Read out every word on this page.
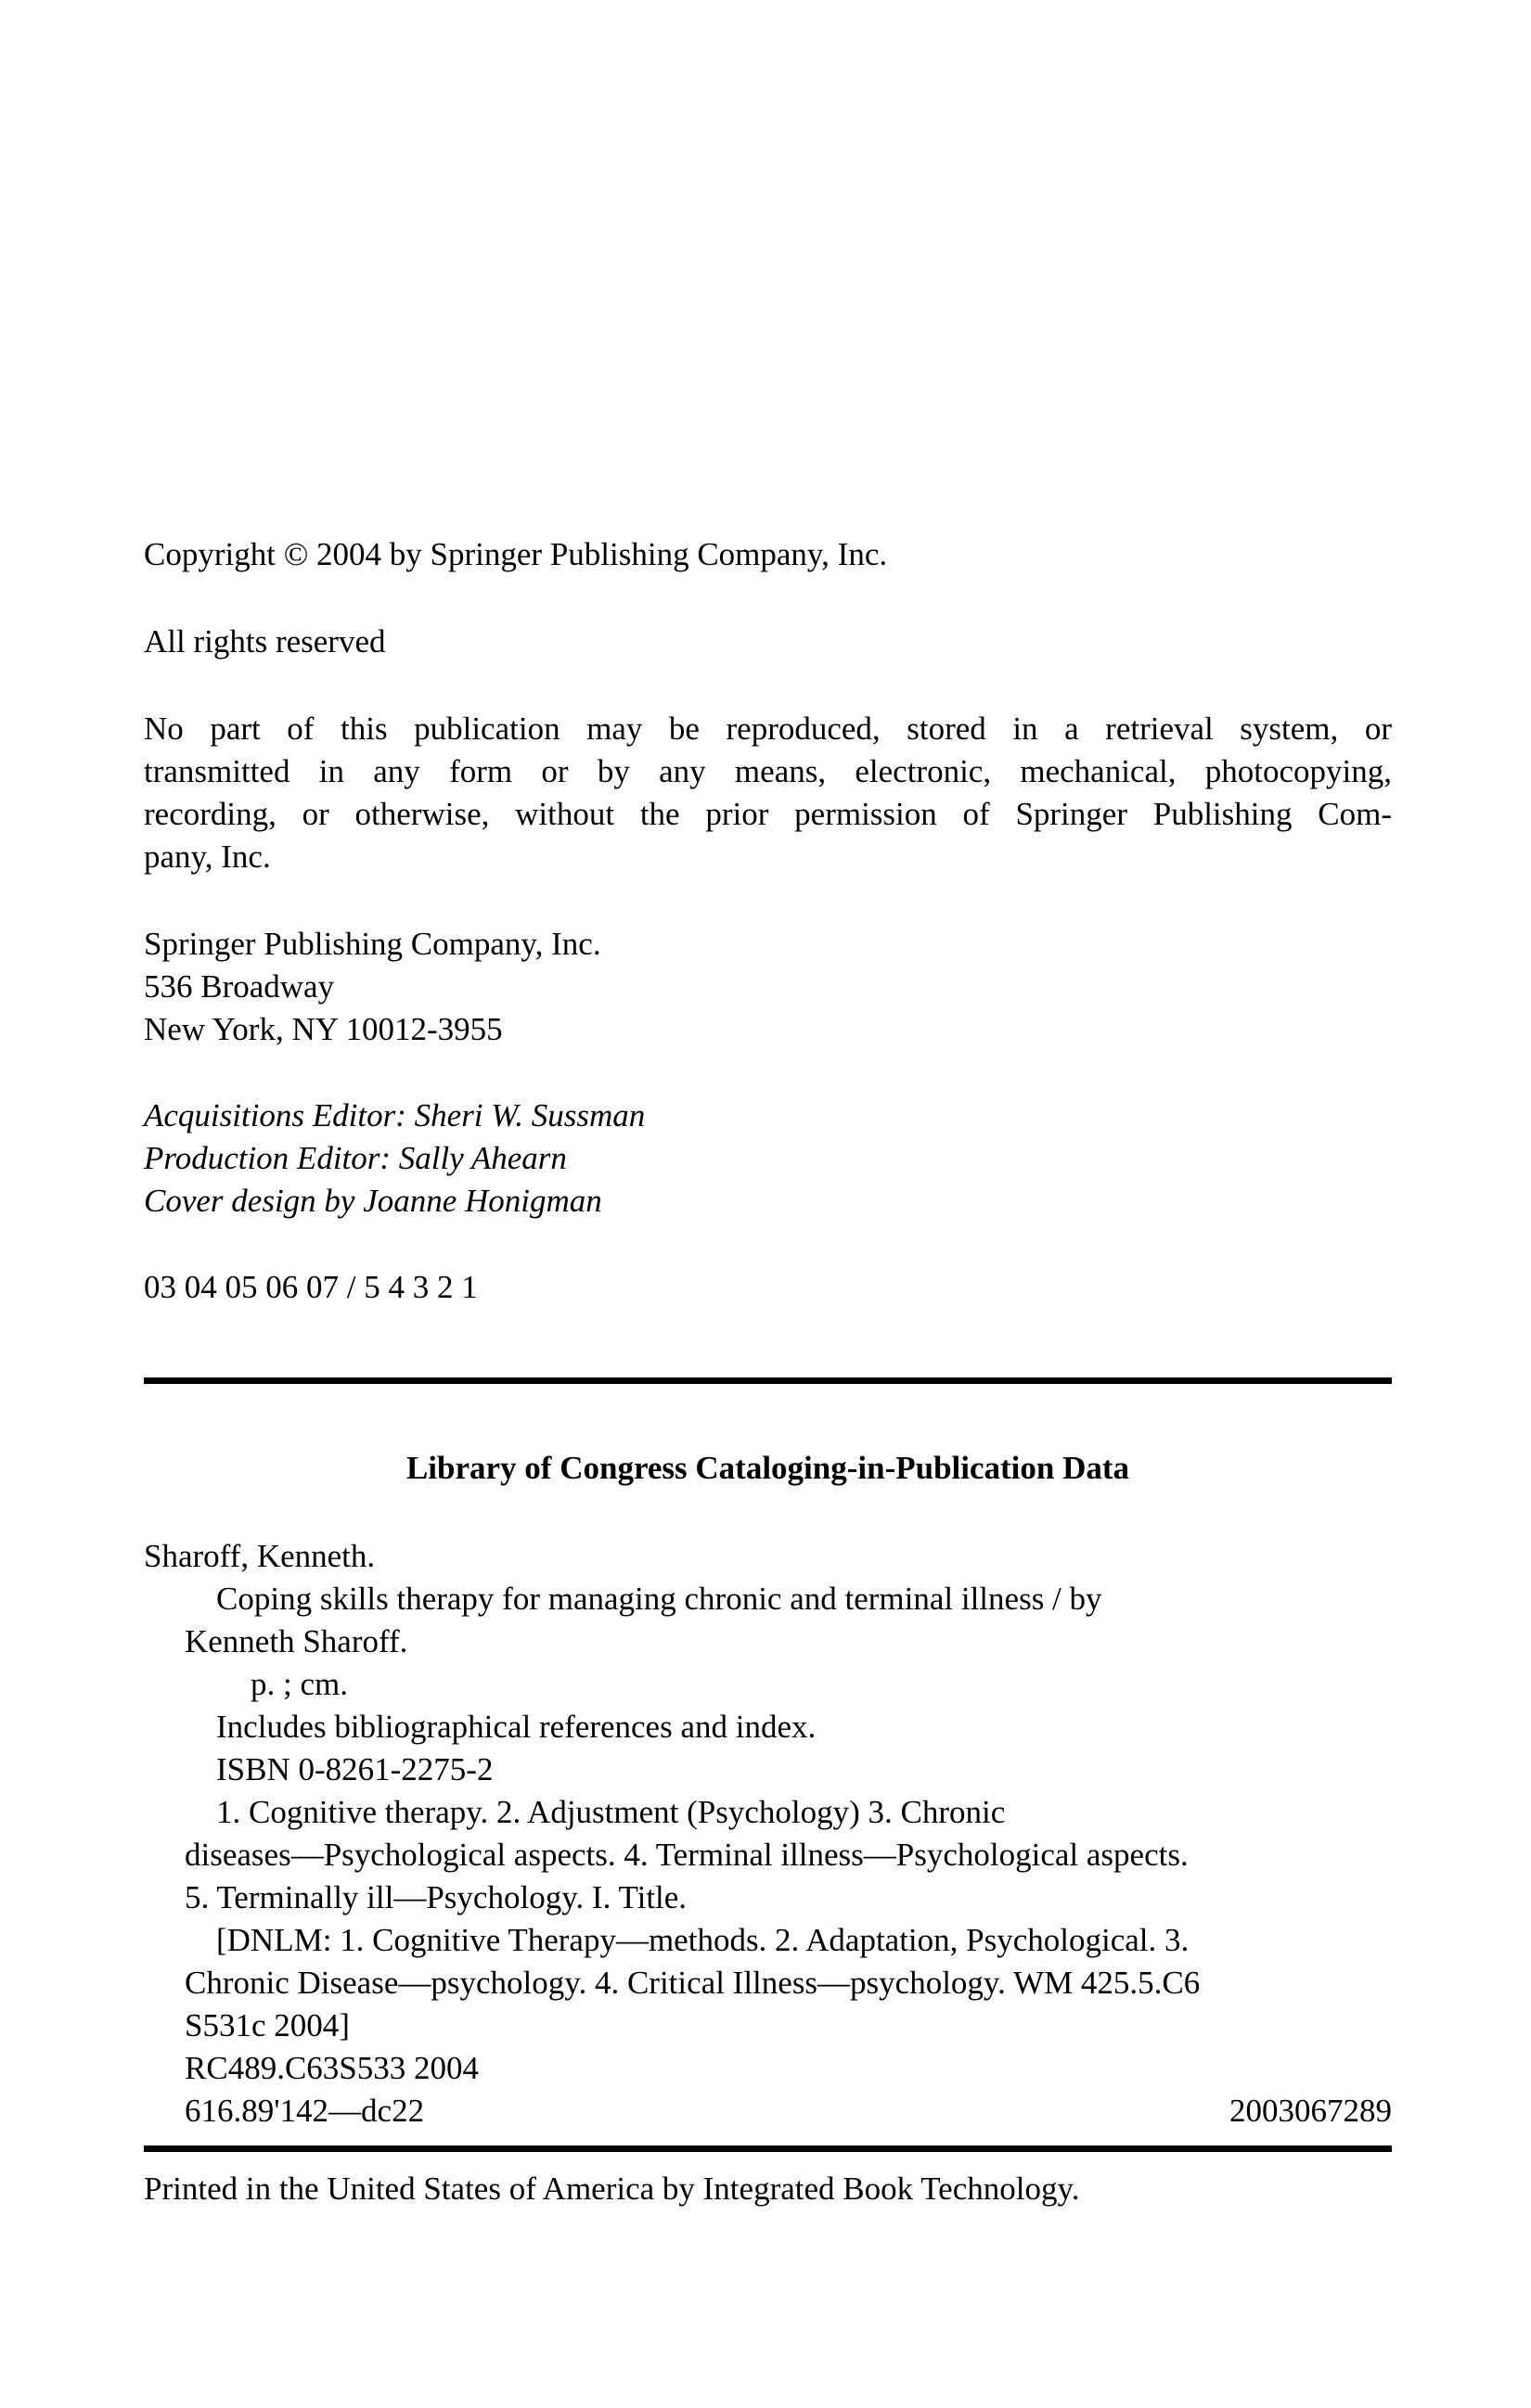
Copyright © 2004 by Springer Publishing Company, Inc.
All rights reserved
No part of this publication may be reproduced, stored in a retrieval system, or
transmitted in any form or by any means, electronic, mechanical, photocopying,
recording, or otherwise, without the prior permission of Springer Publishing Com-
pany, Inc.
Springer Publishing Company, Inc.
536 Broadway
New York, NY 10012-3955
Acquisitions Editor: Sheri W. Sussman
Production Editor: Sally Ahearn
Cover design by Joanne Honigman
03 04 05 06 07 / 5 4 3 2 1
Library of Congress Cataloging-in-Publication Data
Sharoff, Kenneth.
Coping skills therapy for managing chronic and terminal illness / by
Kenneth Sharoff.
p. ; cm.
Includes bibliographical references and index.
ISBN 0-8261-2275-2
1. Cognitive therapy. 2. Adjustment (Psychology) 3. Chronic
diseases—Psychological aspects. 4. Terminal illness—Psychological aspects.
5. Terminally ill—Psychology. I. Title.
[DNLM: 1. Cognitive Therapy—methods. 2. Adaptation, Psychological. 3.
Chronic Disease—psychology. 4. Critical Illness—psychology. WM 425.5.C6
S531c 2004]
RC489.C63S533 2004
616.89'142—dc22	2003067289
Printed in the United States of America by Integrated Book Technology.
